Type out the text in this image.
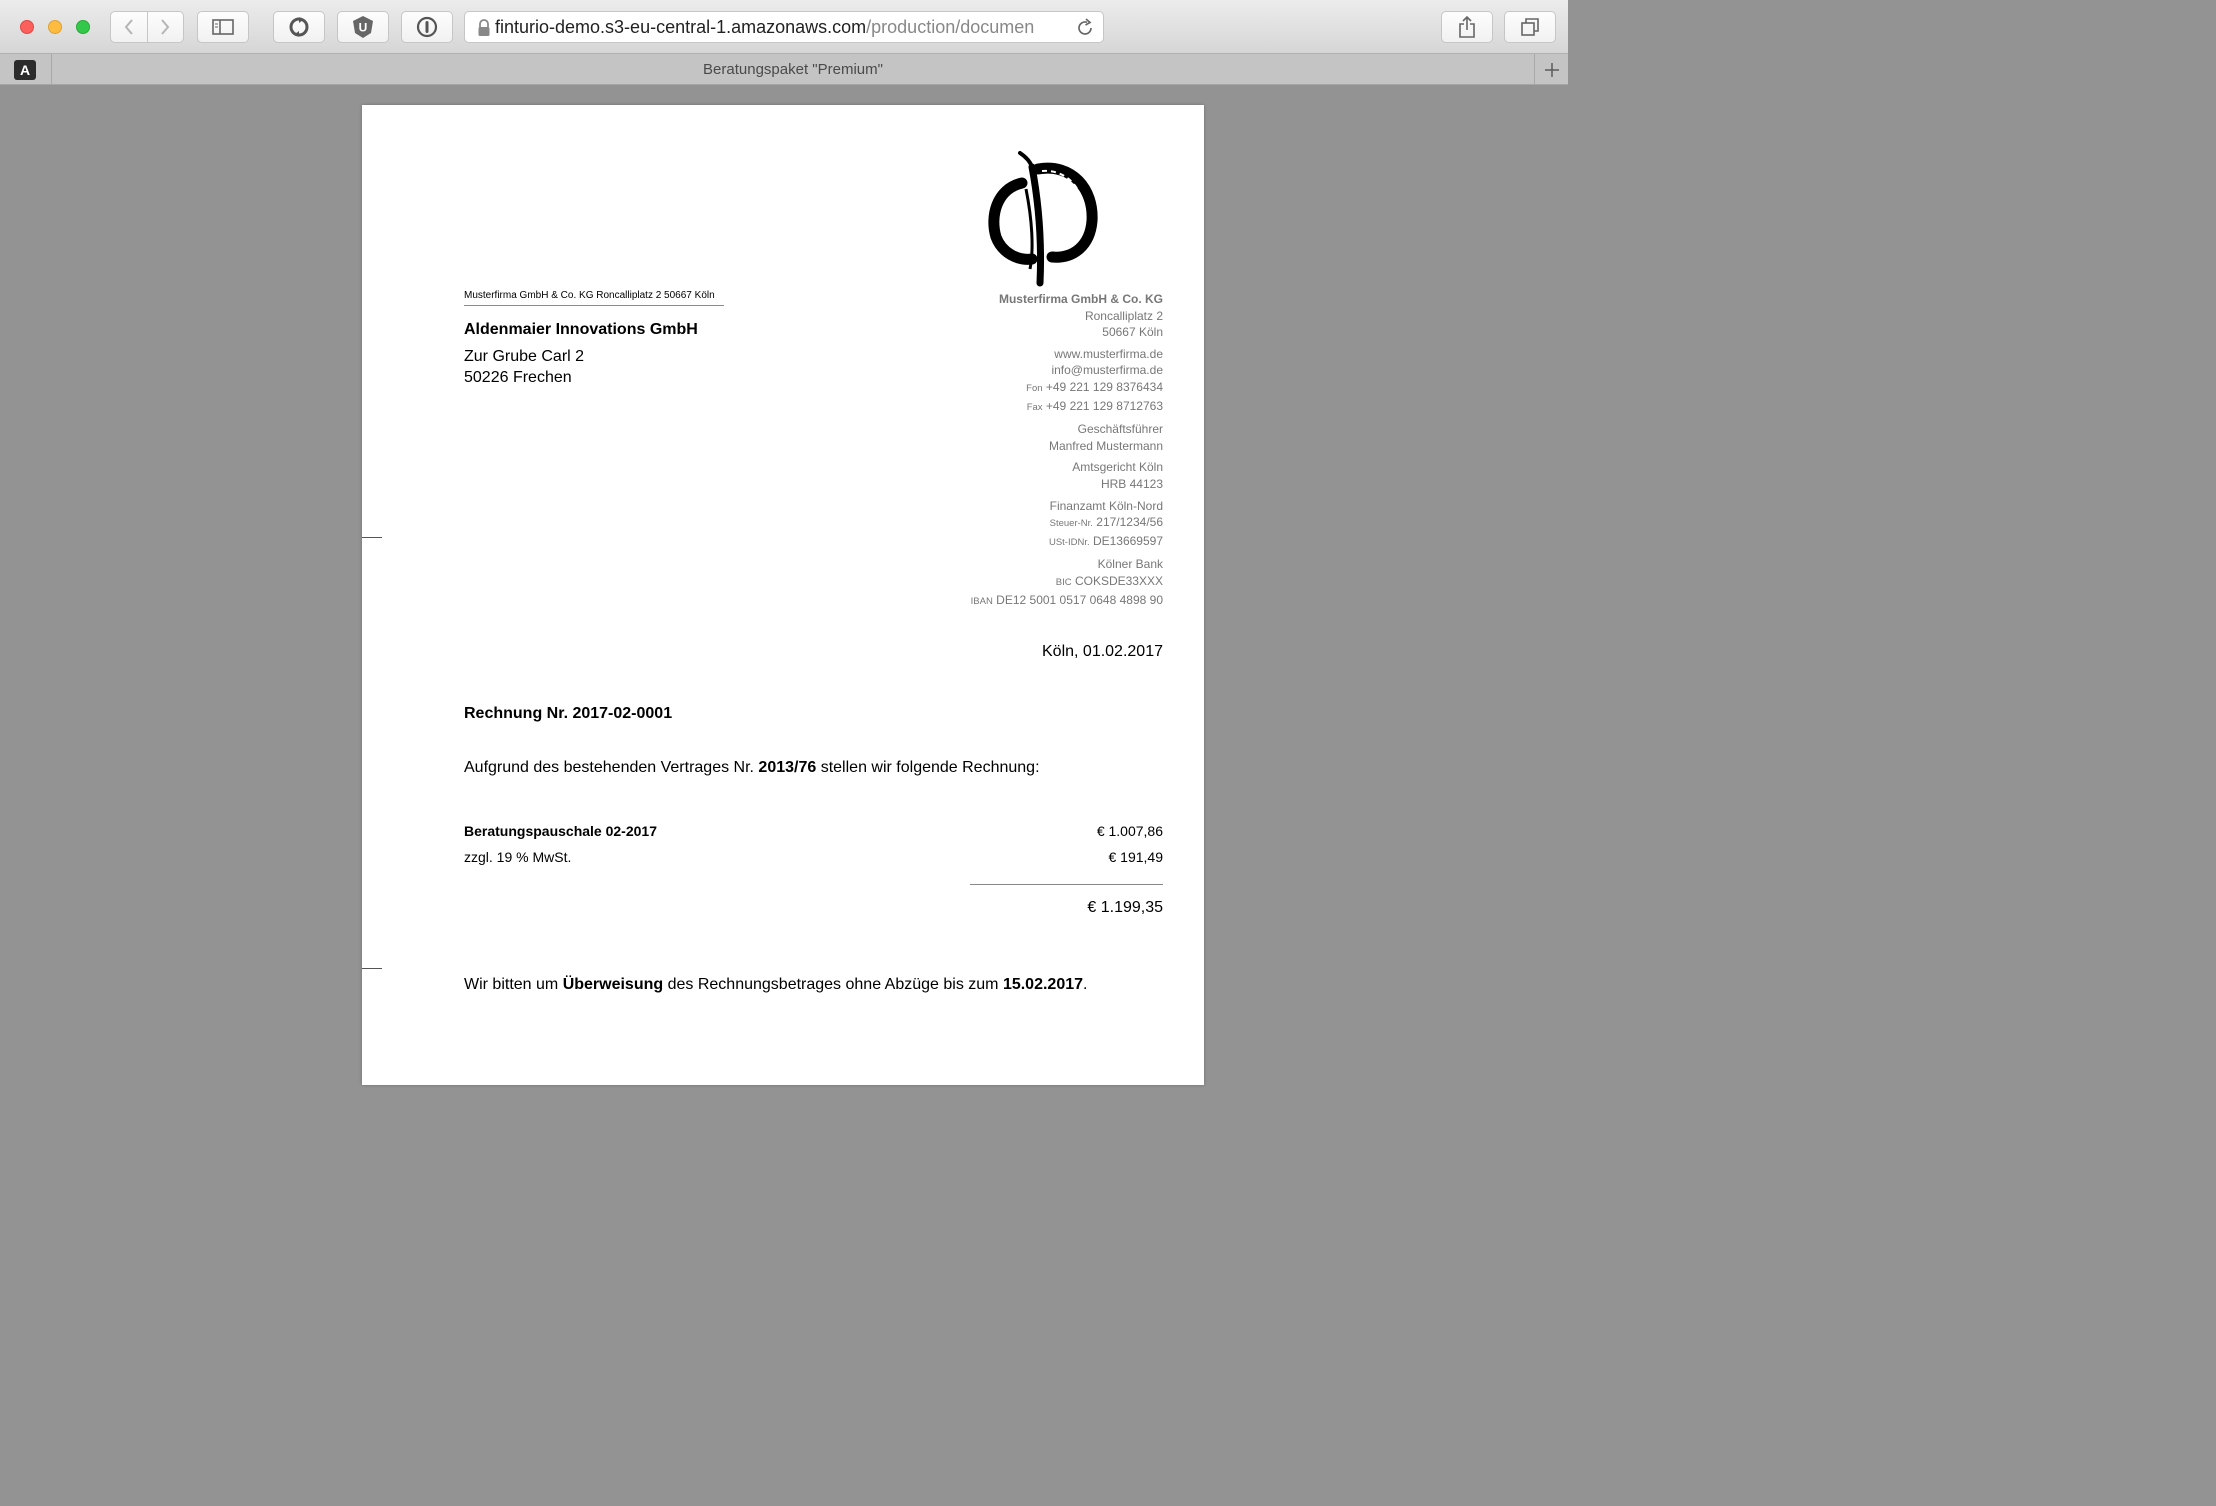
U	finturio-demo.s3-eu-central-1.amazonaws.com/production/documen
A	Beratungspaket "Premium"
Musterfirma GmbH & Co. KG Roncalliplatz 2 50667 Köln
Aldenmaier Innovations GmbH
Zur Grube Carl 2
50226 Frechen
Musterfirma GmbH & Co. KG
Roncalliplatz 2
50667 Köln
www.musterfirma.de
info@musterfirma.de
Fon +49 221 129 8376434
Fax +49 221 129 8712763
Geschäftsführer
Manfred Mustermann
Amtsgericht Köln
HRB 44123
Finanzamt Köln-Nord
Steuer-Nr. 217/1234/56
USt-IDNr. DE13669597
Kölner Bank
BIC COKSDE33XXX
IBAN DE12 5001 0517 0648 4898 90
Köln, 01.02.2017
Rechnung Nr. 2017-02-0001
Aufgrund des bestehenden Vertrages Nr. 2013/76 stellen wir folgende Rechnung:
Beratungspauschale 02-2017	€ 1.007,86
zzgl. 19 % MwSt.	€ 191,49
€ 1.199,35
Wir bitten um Überweisung des Rechnungsbetrages ohne Abzüge bis zum 15.02.2017.
